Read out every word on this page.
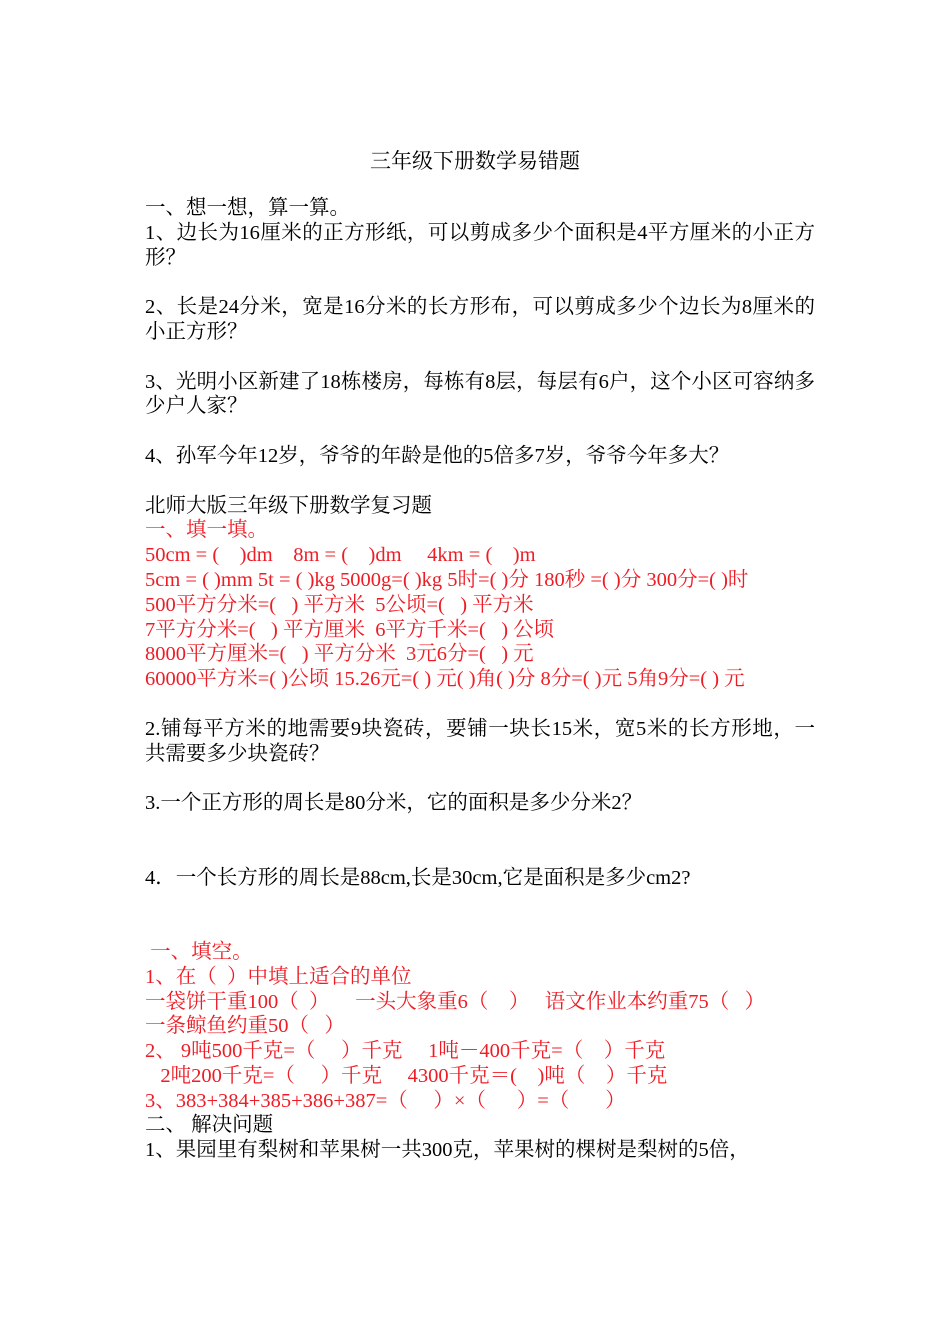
三年级下册数学易错题
一、想一想，算一算。
1、边长为16厘米的正方形纸，可以剪成多少个面积是4平方厘米的小正方形？
2、长是24分米，宽是16分米的长方形布，可以剪成多少个边长为8厘米的小正方形？
3、光明小区新建了18栋楼房，每栋有8层，每层有6户，这个小区可容纳多少户人家？
4、孙军今年12岁，爷爷的年龄是他的5倍多7岁，爷爷今年多大？
北师大版三年级下册数学复习题
一、填一填。
50cm = (    )dm    8m = (    )dm     4km = (    )m
5cm = ( )mm 5t = ( )kg 5000g=( )kg 5时=( )分 180秒 =( )分 300分=( )时
500平方分米=(   ) 平方米  5公顷=(   ) 平方米
7平方分米=(   ) 平方厘米  6平方千米=(   ) 公顷
8000平方厘米=(   ) 平方分米  3元6分=(   ) 元
60000平方米=( )公顷 15.26元=( ) 元( )角( )分 8分=( )元 5角9分=( ) 元
2.铺每平方米的地需要9块瓷砖，要铺一块长15米，宽5米的长方形地，一共需要多少块瓷砖？
3.一个正方形的周长是80分米，它的面积是多少分米2？
4．一个长方形的周长是88cm,长是30cm,它是面积是多少cm2?
一、填空。
1、在（  ）中填上适合的单位
一袋饼干重100（  ）     一头大象重6（    ）   语文作业本约重75（   ）
一条鲸鱼约重50（   ）
2、 9吨500千克=（     ）千克     1吨－400千克=（    ）千克
2吨200千克=（     ）千克     4300千克＝(    )吨（    ）千克
3、383+384+385+386+387=（     ）×（      ）=（       ）
二、 解决问题
1、果园里有梨树和苹果树一共300克，苹果树的棵树是梨树的5倍，
